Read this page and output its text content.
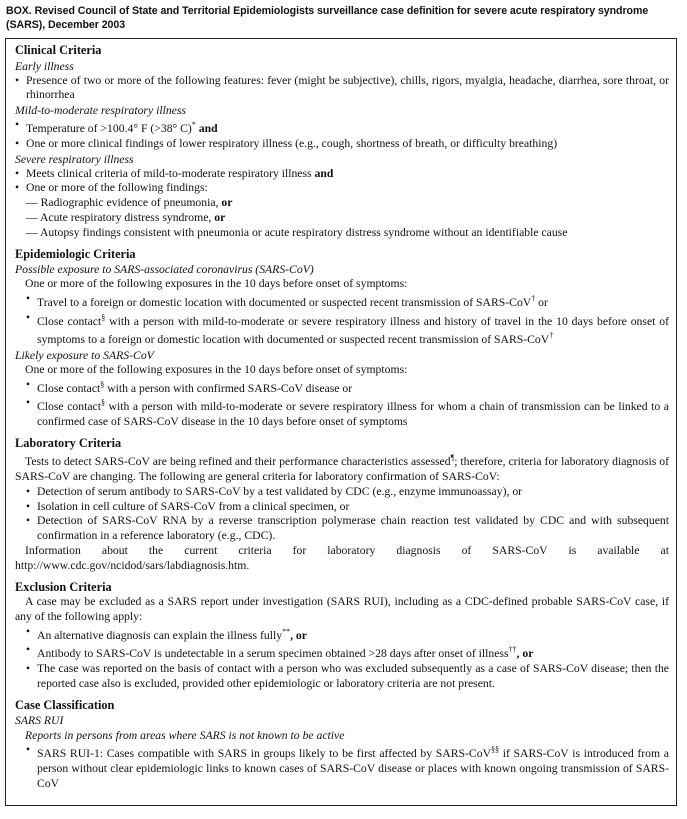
BOX. Revised Council of State and Territorial Epidemiologists surveillance case definition for severe acute respiratory syndrome (SARS), December 2003
Clinical Criteria
Early illness
• Presence of two or more of the following features: fever (might be subjective), chills, rigors, myalgia, headache, diarrhea, sore throat, or rhinorrhea
Mild-to-moderate respiratory illness
• Temperature of >100.4° F (>38° C)* and
• One or more clinical findings of lower respiratory illness (e.g., cough, shortness of breath, or difficulty breathing)
Severe respiratory illness
• Meets clinical criteria of mild-to-moderate respiratory illness and
• One or more of the following findings:
— Radiographic evidence of pneumonia, or
— Acute respiratory distress syndrome, or
— Autopsy findings consistent with pneumonia or acute respiratory distress syndrome without an identifiable cause
Epidemiologic Criteria
Possible exposure to SARS-associated coronavirus (SARS-CoV)
One or more of the following exposures in the 10 days before onset of symptoms:
• Travel to a foreign or domestic location with documented or suspected recent transmission of SARS-CoV† or
• Close contact§ with a person with mild-to-moderate or severe respiratory illness and history of travel in the 10 days before onset of symptoms to a foreign or domestic location with documented or suspected recent transmission of SARS-CoV†
Likely exposure to SARS-CoV
One or more of the following exposures in the 10 days before onset of symptoms:
• Close contact§ with a person with confirmed SARS-CoV disease or
• Close contact§ with a person with mild-to-moderate or severe respiratory illness for whom a chain of transmission can be linked to a confirmed case of SARS-CoV disease in the 10 days before onset of symptoms
Laboratory Criteria
Tests to detect SARS-CoV are being refined and their performance characteristics assessed¶; therefore, criteria for laboratory diagnosis of SARS-CoV are changing. The following are general criteria for laboratory confirmation of SARS-CoV:
• Detection of serum antibody to SARS-CoV by a test validated by CDC (e.g., enzyme immunoassay), or
• Isolation in cell culture of SARS-CoV from a clinical specimen, or
• Detection of SARS-CoV RNA by a reverse transcription polymerase chain reaction test validated by CDC and with subsequent confirmation in a reference laboratory (e.g., CDC).
Information about the current criteria for laboratory diagnosis of SARS-CoV is available at http://www.cdc.gov/ncidod/sars/labdiagnosis.htm.
Exclusion Criteria
A case may be excluded as a SARS report under investigation (SARS RUI), including as a CDC-defined probable SARS-CoV case, if any of the following apply:
• An alternative diagnosis can explain the illness fully**, or
• Antibody to SARS-CoV is undetectable in a serum specimen obtained >28 days after onset of illness††, or
• The case was reported on the basis of contact with a person who was excluded subsequently as a case of SARS-CoV disease; then the reported case also is excluded, provided other epidemiologic or laboratory criteria are not present.
Case Classification
SARS RUI
Reports in persons from areas where SARS is not known to be active
• SARS RUI-1: Cases compatible with SARS in groups likely to be first affected by SARS-CoV§§ if SARS-CoV is introduced from a person without clear epidemiologic links to known cases of SARS-CoV disease or places with known ongoing transmission of SARS-CoV
